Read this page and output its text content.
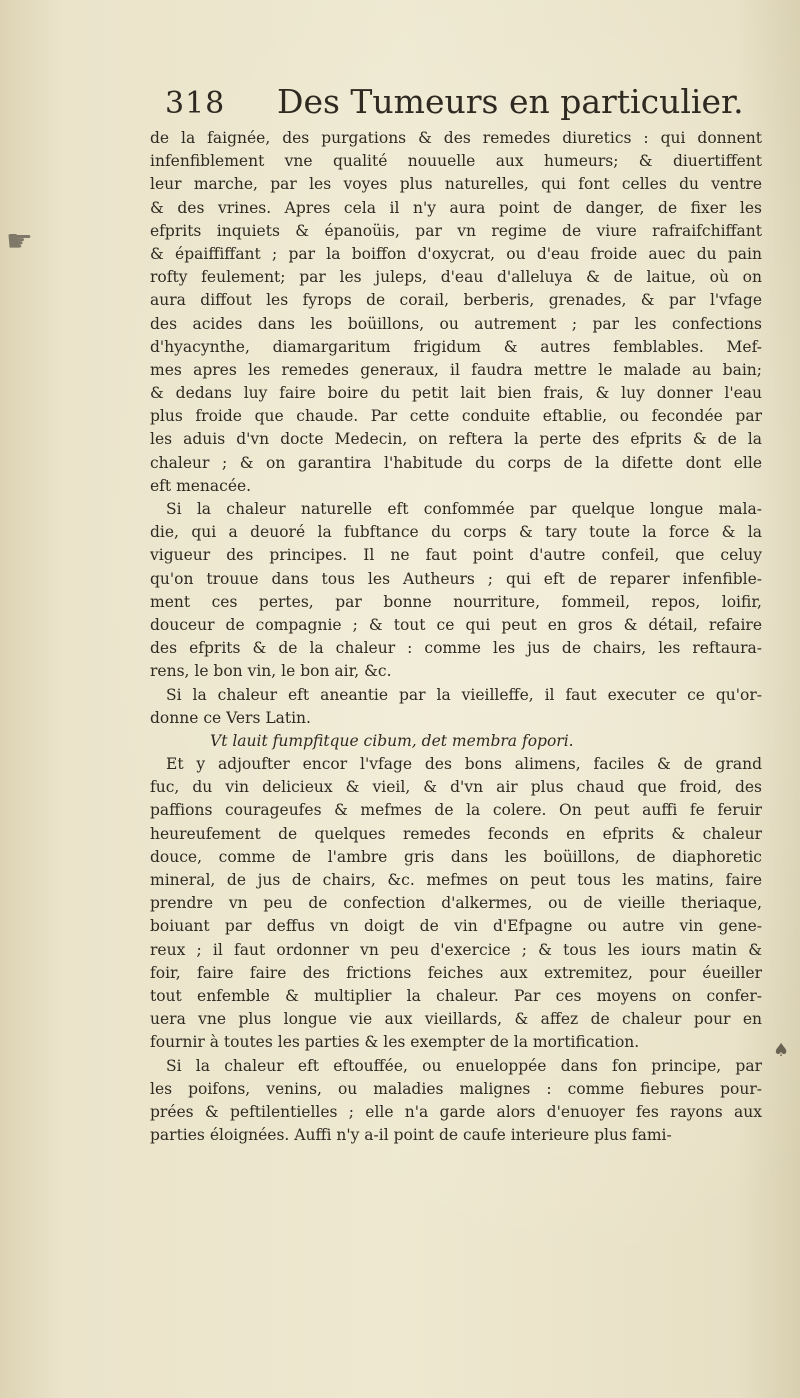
318 Des Tumeurs en particulier.
de la faignée, des purgations & des remedes diuretics : qui donnent
infenfiblement vne qualité nouuelle aux humeurs; & diuertiffent
leur marche, par les voyes plus naturelles, qui font celles du ventre
& des vrines. Apres cela il n'y aura point de danger, de fixer les
efprits inquiets & épanoüis, par vn regime de viure rafraifchiffant
& épaiffiffant ; par la boiffon d'oxycrat, ou d'eau froide auec du pain
rofty feulement; par les juleps, d'eau d'alleluya & de laitue, où on
aura diffout les fyrops de corail, berberis, grenades, & par l'vfage
des acides dans les boüillons, ou autrement ; par les confections
d'hyacynthe, diamargaritum frigidum & autres femblables. Mef-
mes apres les remedes generaux, il faudra mettre le malade au bain;
& dedans luy faire boire du petit lait bien frais, & luy donner l'eau
plus froide que chaude. Par cette conduite eftablie, ou fecondée par
les aduis d'vn docte Medecin, on reftera la perte des efprits & de la
chaleur ; & on garantira l'habitude du corps de la difette dont elle
eft menacée.
Si la chaleur naturelle eft confommée par quelque longue mala-
die, qui a deuoré la fubftance du corps & tary toute la force & la
vigueur des principes. Il ne faut point d'autre confeil, que celuy
qu'on trouue dans tous les Autheurs ; qui eft de reparer infenfible-
ment ces pertes, par bonne nourriture, fommeil, repos, loifir,
douceur de compagnie ; & tout ce qui peut en gros & détail, refaire
des efprits & de la chaleur : comme les jus de chairs, les reftaura-
rens, le bon vin, le bon air, &c.
Si la chaleur eft aneantie par la vieilleffe, il faut executer ce qu'or-
donne ce Vers Latin.
Vt lauit fumpfitque cibum, det membra fopori.
Et y adjoufter encor l'vfage des bons alimens, faciles & de grand
fuc, du vin delicieux & vieil, & d'vn air plus chaud que froid, des
paffions courageufes & mefmes de la colere. On peut auffi fe feruir
heureufement de quelques remedes feconds en efprits & chaleur
douce, comme de l'ambre gris dans les boüillons, de diaphoretic
mineral, de jus de chairs, &c. mefmes on peut tous les matins, faire
prendre vn peu de confection d'alkermes, ou de vieille theriaque,
boiuant par deffus vn doigt de vin d'Efpagne ou autre vin gene-
reux ; il faut ordonner vn peu d'exercice ; & tous les iours matin &
foir, faire faire des frictions feiches aux extremitez, pour éueiller
tout enfemble & multiplier la chaleur. Par ces moyens on confer-
uera vne plus longue vie aux vieillards, & affez de chaleur pour en
fournir à toutes les parties & les exempter de la mortification.
Si la chaleur eft eftouffée, ou enueloppée dans fon principe, par
les poifons, venins, ou maladies malignes : comme fiebures pour-
prées & peftilentielles ; elle n'a garde alors d'enuoyer fes rayons aux
parties éloignées. Auffi n'y a-il point de caufe interieure plus fami-
☛
♠
